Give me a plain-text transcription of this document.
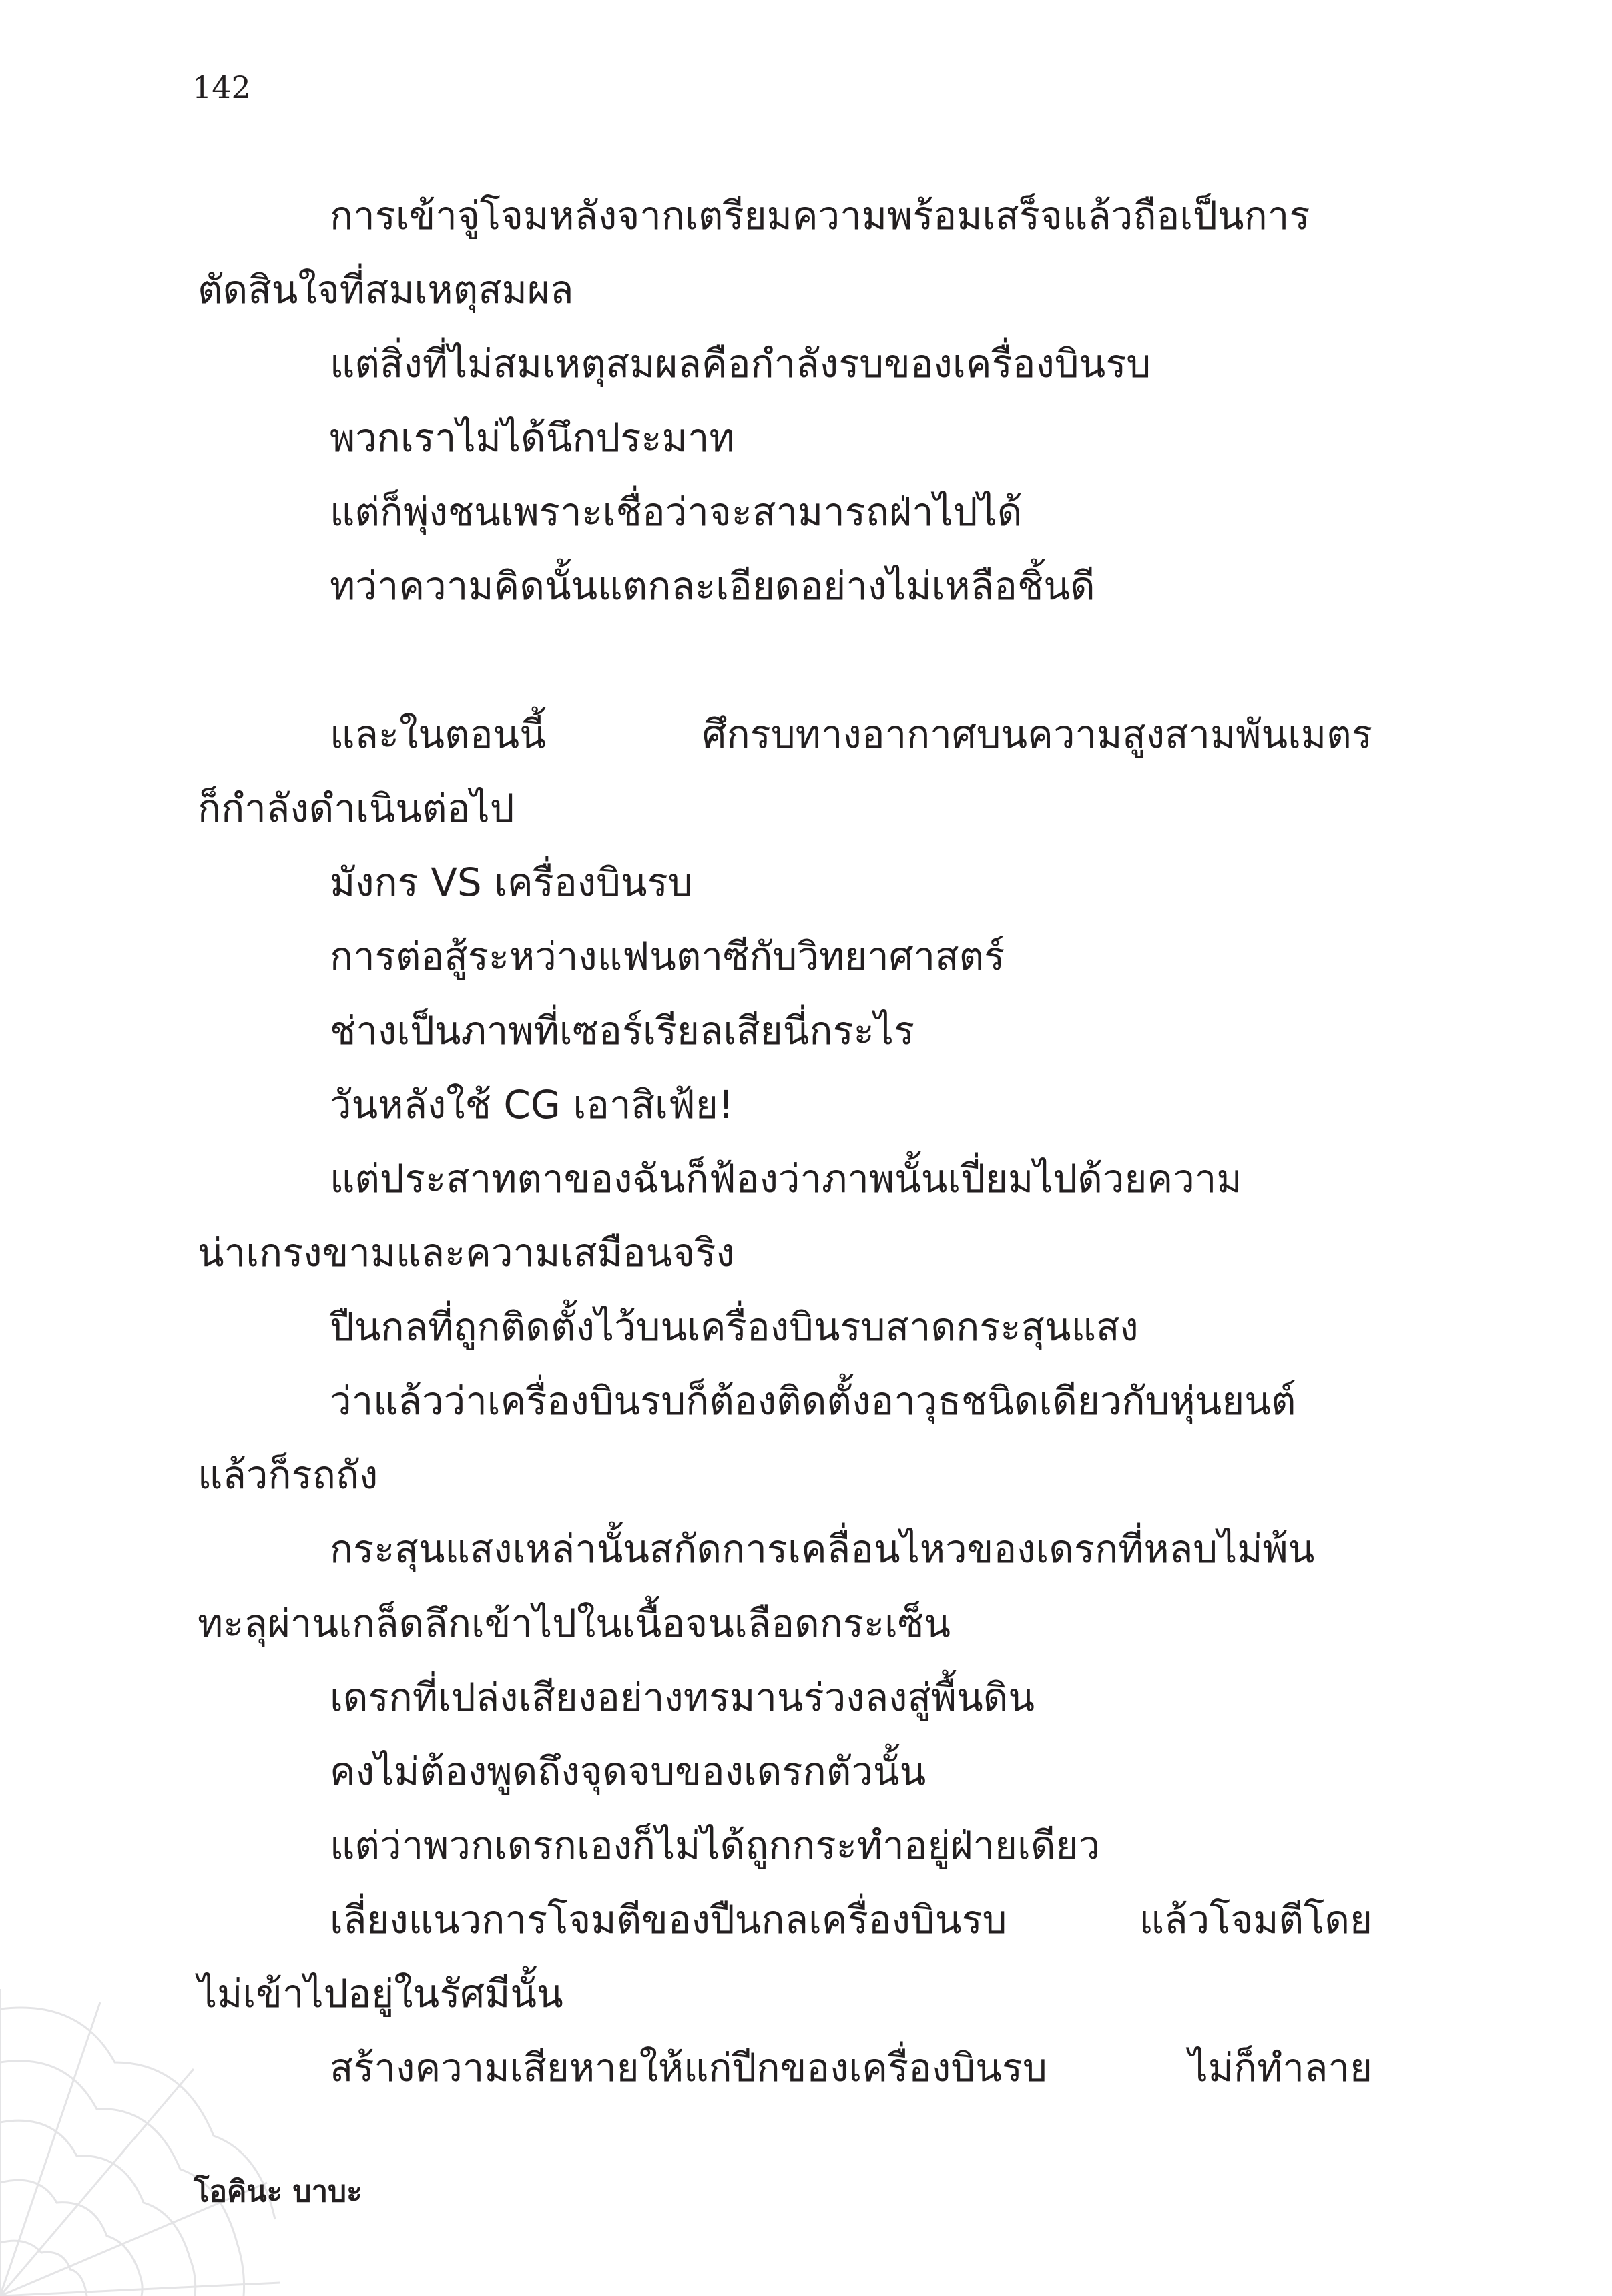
142
การเข้าจู่โจมหลังจากเตรียมความพร้อมเสร็จแล้วถือเป็นการ
ตัดสินใจที่สมเหตุสมผล
แต่สิ่งที่ไม่สมเหตุสมผลคือกำลังรบของเครื่องบินรบ
พวกเราไม่ได้นึกประมาท
แต่ก็พุ่งชนเพราะเชื่อว่าจะสามารถฝ่าไปได้
ทว่าความคิดนั้นแตกละเอียดอย่างไม่เหลือชิ้นดี
และในตอนนี้ ศึกรบทางอากาศบนความสูงสามพันเมตร
ก็กำลังดำเนินต่อไป
มังกร VS เครื่องบินรบ
การต่อสู้ระหว่างแฟนตาซีกับวิทยาศาสตร์
ช่างเป็นภาพที่เซอร์เรียลเสียนี่กระไร
วันหลังใช้ CG เอาสิเฟ้ย!
แต่ประสาทตาของฉันก็ฟ้องว่าภาพนั้นเปี่ยมไปด้วยความ
น่าเกรงขามและความเสมือนจริง
ปืนกลที่ถูกติดตั้งไว้บนเครื่องบินรบสาดกระสุนแสง
ว่าแล้วว่าเครื่องบินรบก็ต้องติดตั้งอาวุธชนิดเดียวกับหุ่นยนต์
แล้วก็รถถัง
กระสุนแสงเหล่านั้นสกัดการเคลื่อนไหวของเดรกที่หลบไม่พ้น
ทะลุผ่านเกล็ดลึกเข้าไปในเนื้อจนเลือดกระเซ็น
เดรกที่เปล่งเสียงอย่างทรมานร่วงลงสู่พื้นดิน
คงไม่ต้องพูดถึงจุดจบของเดรกตัวนั้น
แต่ว่าพวกเดรกเองก็ไม่ได้ถูกกระทำอยู่ฝ่ายเดียว
เลี่ยงแนวการโจมตีของปืนกลเครื่องบินรบ แล้วโจมตีโดย
ไม่เข้าไปอยู่ในรัศมีนั้น
สร้างความเสียหายให้แก่ปีกของเครื่องบินรบ ไม่ก็ทำลาย
โอคินะ บาบะ
